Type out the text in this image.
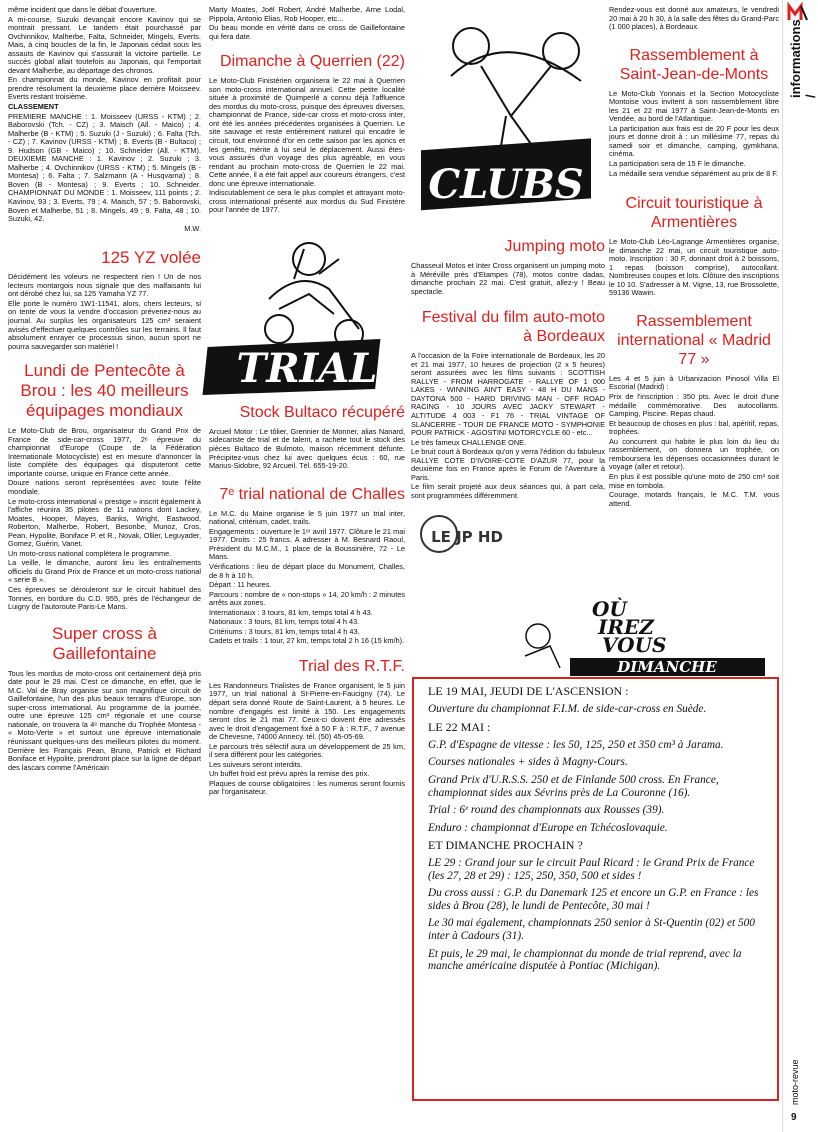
même incident que dans le débat d'ouverture.

A mi-course, Suzuki devançait encore Kavinov qui se montrait pressant. Le tandem était pourchassé par Ovchinnikov, Malherbe, Falta, Schneider, Mingels, Everts. Mais, à cinq boucles de la fin, le Japonais cédait sous les assauts de Kavinov qui s'assurait la victoire partielle. Le succès global allait toutefois au Japonais, qui l'emportait devant Malherbe, au départage des chronos.

En championnat du monde, Kavinov en profitait pour prendre résolument la deuxième place derrière Moisseev. Everts restant troisième.

CLASSEMENT

PREMIERE MANCHE : 1. Moisseev (URSS - KTM) ; 2. Baborovski (Tch. - CZ) ; 3. Maisch (All. - Maico) ; 4. Malherbe (B - KTM) ; 5. Suzuki (J - Suzuki) ; 6. Falta (Tch. - CZ) ; 7. Kavinov (URSS - KTM) ; 8. Everts (B - Bultaco) ; 9. Hudson (GB - Maico) ; 10. Schneider (All. - KTM). DEUXIEME MANCHE : 1. Kavinov ; 2. Suzuki ; 3. Malherbe ; 4. Ovchinnikov (URSS - KTM) ; 5. Mingels (B - Montesa) ; 6. Falta ; 7. Salzmann (A - Husqvarna) ; 8. Boven (B - Montesa) ; 9. Everts ; 10. Schneider. CHAMPIONNAT DU MONDE : 1. Moisseev, 111 points ; 2. Kavinov, 93 ; 3. Everts, 79 ; 4. Maisch, 57 ; 5. Baborovski, Boven et Malherbe, 51 ; 8. Mingels, 49 ; 9. Falta, 48 ; 10. Suzuki, 42.

M.W.

125 YZ volée

Décidément les voleurs ne respectent rien ! Un de nos lecteurs montargois nous signale que des malfaisants lui ont dérobé chez lui, sa 125 Yamaha YZ 77.

Elle porte le numéro 1W1-11541, alors, chers lecteurs, si on tente de vous la vendre d'occasion prévenez-nous au journal. Au surplus les organisateurs 125 cm³ seraient avisés d'effectuer quelques contrôles sur les terrains. Il faut absolument enrayer ce processus sinon, aucun sport ne pourra sauvegarder son matériel !

Lundi de Pentecôte à Brou : les 40 meilleurs équipages mondiaux

Le Moto-Club de Brou, organisateur du Grand Prix de France de side-car-cross 1977, 2ᵉ épreuve du championnat d'Europe (Coupe de la Fédération Internationale Motocycliste) est en mesure d'annoncer la liste complète des équipages qui disputeront cette importante course, unique en France cette année.

Douze nations seront représentées avec toute l'élite mondiale.

Le moto-cross international « prestige » inscrit également à l'affiche réunira 35 pilotes de 11 nations dont Lackey, Moates, Hooper, Mayes, Banks, Wright, Eastwood, Roberton, Malherbe, Robert, Besonbe, Munoz, Cros, Pean, Hypolite, Boniface P. et R., Novak, Ollier, Leguyader, Gomez, Guérin, Vanet.

Un moto-cross national complètera le programme.

La veille, le dimanche, auront lieu les entraînements officiels du Grand Prix de France et un moto-cross national « serie B ».

Ces épreuves se dérouleront sur le circuit habituel des Tonnes, en bordure du C.D. 955, près de l'échangeur de Luigny de l'autoroute Paris-Le Mans.

Super cross à Gaillefontaine

Tous les mordus de moto-cross ont certainement déjà pris date pour le 29 mai. C'est ce dimanche, en effet, que le M.C. Val de Bray organise sur son magnifique circuit de Gaillefontaine, l'un des plus beaux terrains d'Europe, son super-cross international. Au programme de la journée, outre une épreuve 125 cm³ régionale et une course nationale, on trouvera la 4ᵉ manche du Trophée Montesa - « Moto-Verte » et surtout une épreuve internationale réunissant quelques-uns des meilleurs pilotes du moment. Derrière les Français Pean, Bruno, Patrick et Richard Boniface et Hypolite, prendront place sur la ligne de départ des lascars comme l'Américain

Marty Moates, Joël Robert, André Malherbe, Arne Lodal, Pippola, Antonio Elias, Rob Hooper, etc...

Du beau monde en vérité dans ce cross de Gaillefontaine qui fera date.

Dimanche à Querrien (22)

Le Moto-Club Finistérien organisera le 22 mai à Querrien son moto-cross international annuel. Cette petite localité située à proximité de Quimperlé a connu déjà l'affluence des mordus du moto-cross, puisque des épreuves diverses, championnat de France, side-car cross et moto-cross inter, ont été les années précédentes organisées à Querrien. Le site sauvage et reste entièrement naturel qui encadre le circuit, tout environné d'or en cette saison par les ajoncs et les genêts, mérite à lui seul le déplacement. Aussi êtes-vous assurés d'un voyage des plus agréable, en vous rendant au prochain moto-cross de Querrien le 22 mai. Cette année, il a été fait appel aux coureurs étrangers, c'est donc une épreuve internationale.

Indiscutablement ce sera le plus complet et attrayant moto-cross international présenté aux mordus du Sud Finistère pour l'année de 1977.

TRIAL
Stock Bultaco récupéré

Arcueil Motor : Le tôlier, Grennier de Monner, alias Nanard, sidecariste de trial et de talent, a rachete tout le stock des pièces Bultaco de Bulmoto, maison récemment défunte. Précipitez-vous chez lui avec quelques écus : 60, rue Marius-Sidobre, 92 Arcueil. Tél. 655-19-20.

7ᵉ trial national de Challes

Le M.C. du Maine organise le 5 juin 1977 un trial inter, national, critérium, cadet, trails.

Engagements : ouverture le 1ᵉʳ avril 1977. Clôture le 21 mai 1977. Droits : 25 francs. A adresser à M. Besnard Raoul, Président du M.C.M., 1 place de la Boussinière, 72 - Le Mans.

Vérifications : lieu de départ place du Monument, Challes, de 8 h à 10 h.

Départ : 11 heures.

Parcours : nombre de « non-stops » 14, 20 km/h : 2 minutes arrêts aux zones.

Internationaux : 3 tours, 81 km, temps total 4 h 43.

Nationaux : 3 tours, 81 km, temps total 4 h 43.

Critériums : 3 tours, 81 km, temps total 4 h 43.

Cadets et trails : 1 tour, 27 km, temps total 2 h 16 (15 km/h).

Trial des R.T.F.

Les Randonneurs Trialistes de France organisent, le 5 juin 1977, un trial national à St-Pierre-en-Faucigny (74). Le départ sera donné Route de Saint-Laurent, à 5 heures. Le nombre d'engagés est limité à 150. Les engagements seront clos le 21 mai 77. Ceux-ci doivent être adressés avec le droit d'engagement fixé à 50 F à : R.T.F., 7 avenue de Chevesne, 74000 Annecy. tél. (50) 45-05-69.

Le parcours très sélectif aura un développement de 25 km, il sera différent pour les catégories.

Les suiveurs seront interdits.

Un buffet froid est prévu après la remise des prix.

Plaques de course obligatoires : les numeros seront fournis par l'organisateur.

CLUBS
Jumping moto

Chasseuil Motos et Inter Cross organisent un jumping moto à Méréville près d'Etampes (78), motos contre dadas, dimanche prochain 22 mai. C'est gratuit, allez-y ! Beau spectacle.

Festival du film auto-moto à Bordeaux

A l'occasion de la Foire internationale de Bordeaux, les 20 et 21 mai 1977, 10 heures de projection (2 x 5 heures) seront assurées avec les films suivants : SCOTTISH RALLYE - FROM HARROGATE - RALLYE OF 1 000 LAKES - WINNING AIN'T EASY - 48 H DU MANS - DAYTONA 500 - HARD DRIVING MAN - OFF ROAD RACING - 10 JOURS AVEC JACKY STEWART - ALTITUDE 4 003 - F1 76 - TRIAL VINTAGE OF SLANCERRE - TOUR DE FRANCE MOTO - SYMPHONIE POUR PATRICK - AGOSTINI MOTORCYCLE 60 - etc...

Le très fameux CHALLENGE ONE.

Le bruit court à Bordeaux qu'on y verra l'édition du fabuleux RALLYE COTE D'IVOIRE-COTE D'AZUR 77, pour la deuxième fois en France après le Forum de l'Aventure à Paris.

Le film serait projeté aux deux séances qui, à part cela, sont programmées différemment.

LE JP HD

Rendez-vous est donné aux amateurs, le vendredi 20 mai à 20 h 30, à la salle des fêtes du Grand-Parc (1 000 places), à Bordeaux.

Rassemblement à Saint-Jean-de-Monts

Le Moto-Club Yonnais et la Section Motocycliste Montoise vous invitent à son rassemblement libre les 21 et 22 mai 1977 à Saint-Jean-de-Monts en Vendée, au bord de l'Atlantique.

La participation aux frais est de 20 F pour les deux jours et donne droit à : un millésime 77, repas du samedi soir et dimanche, camping, gymkhana, cinéma.

La participation sera de 15 F le dimanche.

La médaille sera vendue séparément au prix de 8 F.

Circuit touristique à Armentières

Le Moto-Club Léo-Lagrange Armentières organise, le dimanche 22 mai, un circuit touristique auto-moto. Inscription : 30 F, donnant droit à 2 boissons, 1 repas (boisson comprise), autocollant. Nombreuses coupes et lots. Clôture des inscriptions le 10 10. S'adresser à M. Vigne, 13, rue Brossolette, 59136 Wawin.

Rassemblement international « Madrid 77 »

Les 4 et 5 juin à Urbanizacion Pinosol Villa El Escorial (Madrid) :

Prix de l'inscription : 350 pts. Avec le droit d'une médaille commémorative. Des autocollants. Camping, Piscine. Repas chaud.

Et beaucoup de choses en plus : bal, apéritif, repas, trophées.

Au concurrent qui habite le plus loin du lieu du rassemblement, on donnera un trophée, on remboursera les dépenses occasionnées durant le voyage (aller et retour).

En plus il est possible qu'une moto de 250 cm³ soit mise en tombola.

Courage, motards français, le M.C. T.M. vous attend.

OÙ
IREZ
VOUS
DIMANCHE

LE 19 MAI, JEUDI DE L'ASCENSION :

Ouverture du championnat F.I.M. de side-car-cross en Suède.

LE 22 MAI :

G.P. d'Espagne de vitesse : les 50, 125, 250 et 350 cm³ à Jarama.

Courses nationales + sides à Magny-Cours.

Grand Prix d'U.R.S.S. 250 et de Finlande 500 cross. En France, championnat sides aux Sévrins près de La Couronne (16).

Trial : 6ᵉ round des championnats aux Rousses (39).

Enduro : championnat d'Europe en Tchécoslovaquie.

ET DIMANCHE PROCHAIN ?

LE 29 : Grand jour sur le circuit Paul Ricard : le Grand Prix de France (les 27, 28 et 29) : 125, 250, 350, 500 et sides !

Du cross aussi : G.P. du Danemark 125 et encore un G.P. en France : les sides à Brou (28), le lundi de Pentecôte, 30 mai !

Le 30 mai également, championnats 250 senior à St-Quentin (02) et 500 inter à Cadours (31).

Et puis, le 29 mai, le championnat du monde de trial reprend, avec la manche américaine disputée à Pontiac (Michigan).

informations /
moto-revue
9
